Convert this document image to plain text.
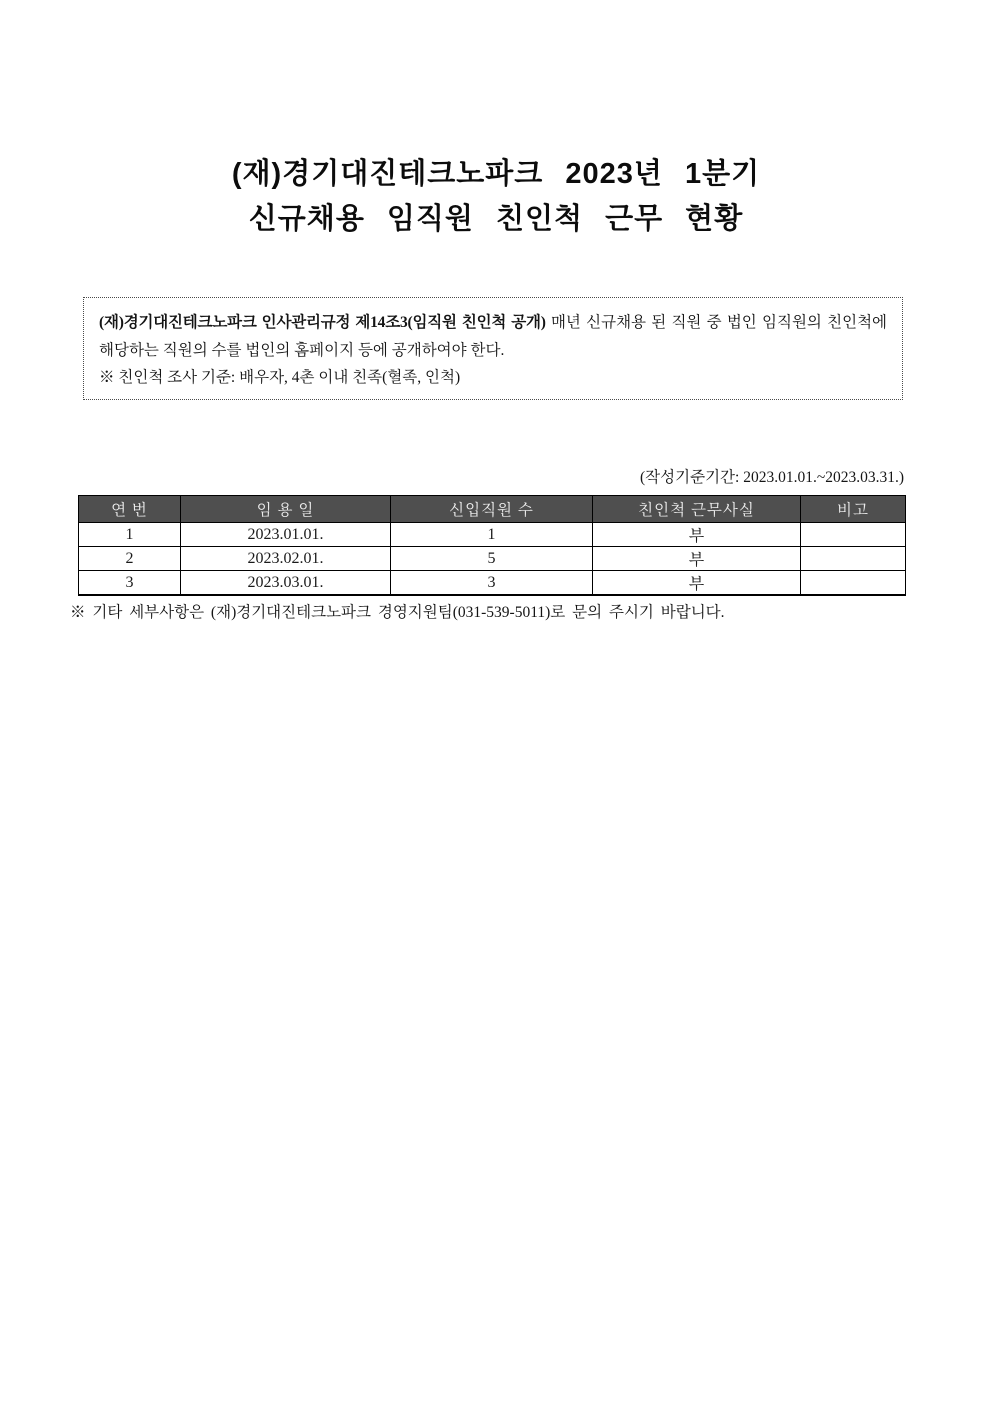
(재)경기대진테크노파크 2023년 1분기
신규채용 임직원 친인척 근무 현황

(재)경기대진테크노파크 인사관리규정 제14조3(임직원 친인척 공개) 매년 신규채용 된 직원 중 법인 임직원의 친인척에 해당하는 직원의 수를 법인의 홈페이지 등에 공개하여야 한다.

※ 친인척 조사 기준: 배우자, 4촌 이내 친족(혈족, 인척)

(작성기준기간: 2023.01.01.~2023.03.31.)
연 번	임 용 일	신입직원 수	친인척 근무사실	비고
1	2023.01.01.	1	부	
2	2023.02.01.	5	부	
3	2023.03.01.	3	부	
※ 기타 세부사항은 (재)경기대진테크노파크 경영지원팀(031-539-5011)로 문의 주시기 바랍니다.
